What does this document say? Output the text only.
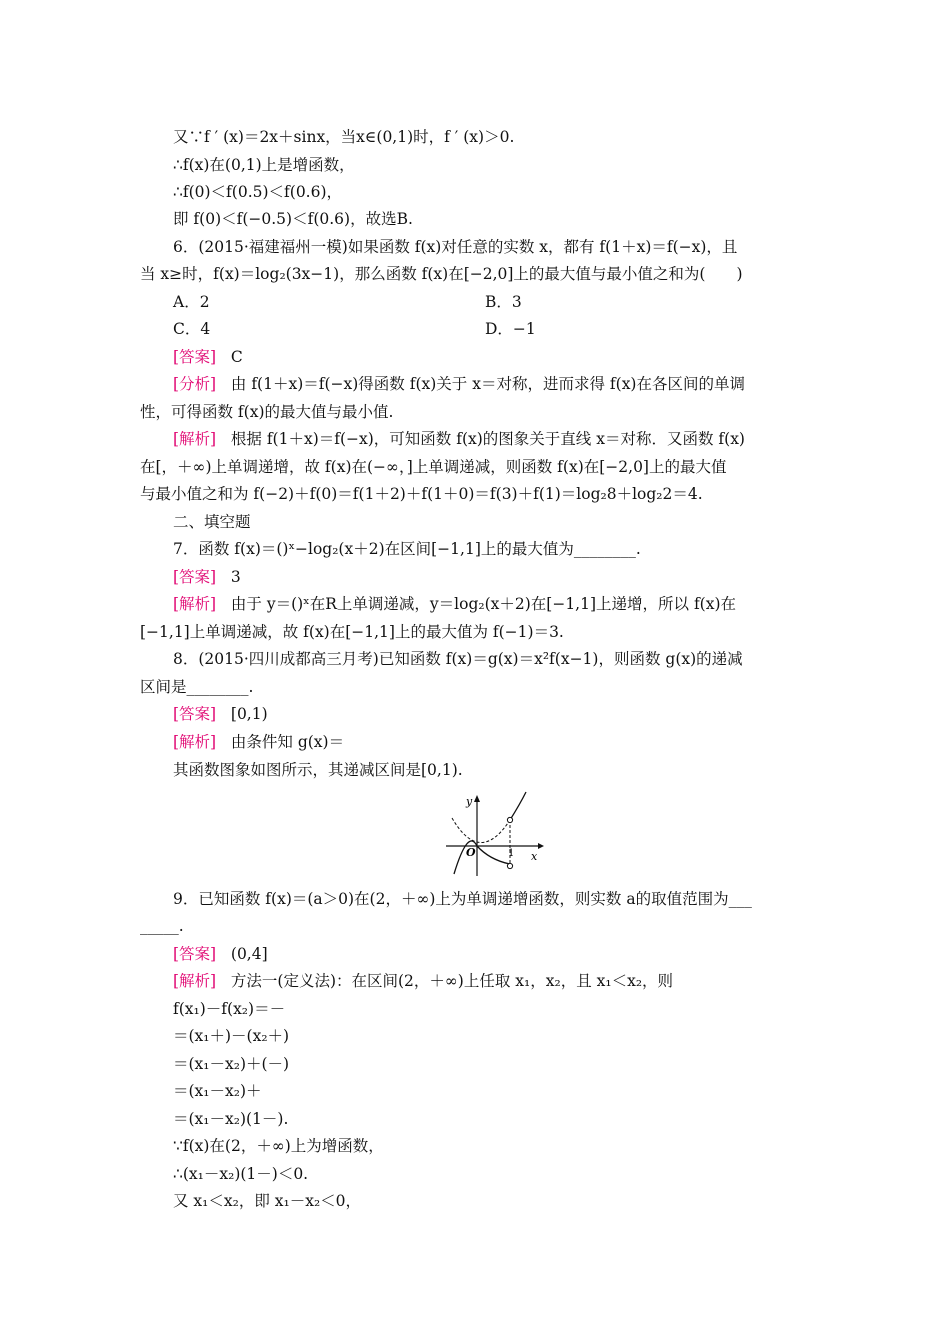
又∵f ′ (x)＝2x＋sinx，当x∈(0,1)时，f ′ (x)＞0.
∴f(x)在(0,1)上是增函数，
∴f(0)＜f(0.5)＜f(0.6)，
即 f(0)＜f(−0.5)＜f(0.6)，故选B.
6．(2015·福建福州一模)如果函数 f(x)对任意的实数 x，都有 f(1＋x)＝f(−x)，且
当 x≥时，f(x)＝log₂(3x−1)，那么函数 f(x)在[−2,0]上的最大值与最小值之和为(　　)
A．2	B．3
C．4	D．−1
[答案] C
[分析] 由 f(1＋x)＝f(−x)得函数 f(x)关于 x＝对称，进而求得 f(x)在各区间的单调
性，可得函数 f(x)的最大值与最小值.
[解析] 根据 f(1＋x)＝f(−x)，可知函数 f(x)的图象关于直线 x＝对称．又函数 f(x)
在[，＋∞)上单调递增，故 f(x)在(−∞，]上单调递减，则函数 f(x)在[−2,0]上的最大值
与最小值之和为 f(−2)＋f(0)＝f(1＋2)＋f(1＋0)＝f(3)＋f(1)＝log₂8＋log₂2＝4.
二、填空题
7．函数 f(x)＝()ˣ−log₂(x＋2)在区间[−1,1]上的最大值为________.
[答案] 3
[解析] 由于 y＝()ˣ在R上单调递减，y＝log₂(x＋2)在[−1,1]上递增，所以 f(x)在
[−1,1]上单调递减，故 f(x)在[−1,1]上的最大值为 f(−1)＝3.
8．(2015·四川成都高三月考)已知函数 f(x)＝g(x)＝x²f(x−1)，则函数 g(x)的递减
区间是________.
[答案] [0,1)
[解析] 由条件知 g(x)＝
其函数图象如图所示，其递减区间是[0,1).
y
x
O	1
9．已知函数 f(x)＝(a＞0)在(2，＋∞)上为单调递增函数，则实数 a的取值范围为___
_____.
[答案] (0,4]
[解析] 方法一(定义法)：在区间(2，＋∞)上任取 x₁，x₂，且 x₁＜x₂，则
f(x₁)－f(x₂)＝－
＝(x₁＋)－(x₂＋)
＝(x₁－x₂)＋(－)
＝(x₁－x₂)＋
＝(x₁－x₂)(1－).
∵f(x)在(2，＋∞)上为增函数，
∴(x₁－x₂)(1－)＜0.
又 x₁＜x₂，即 x₁－x₂＜0，
